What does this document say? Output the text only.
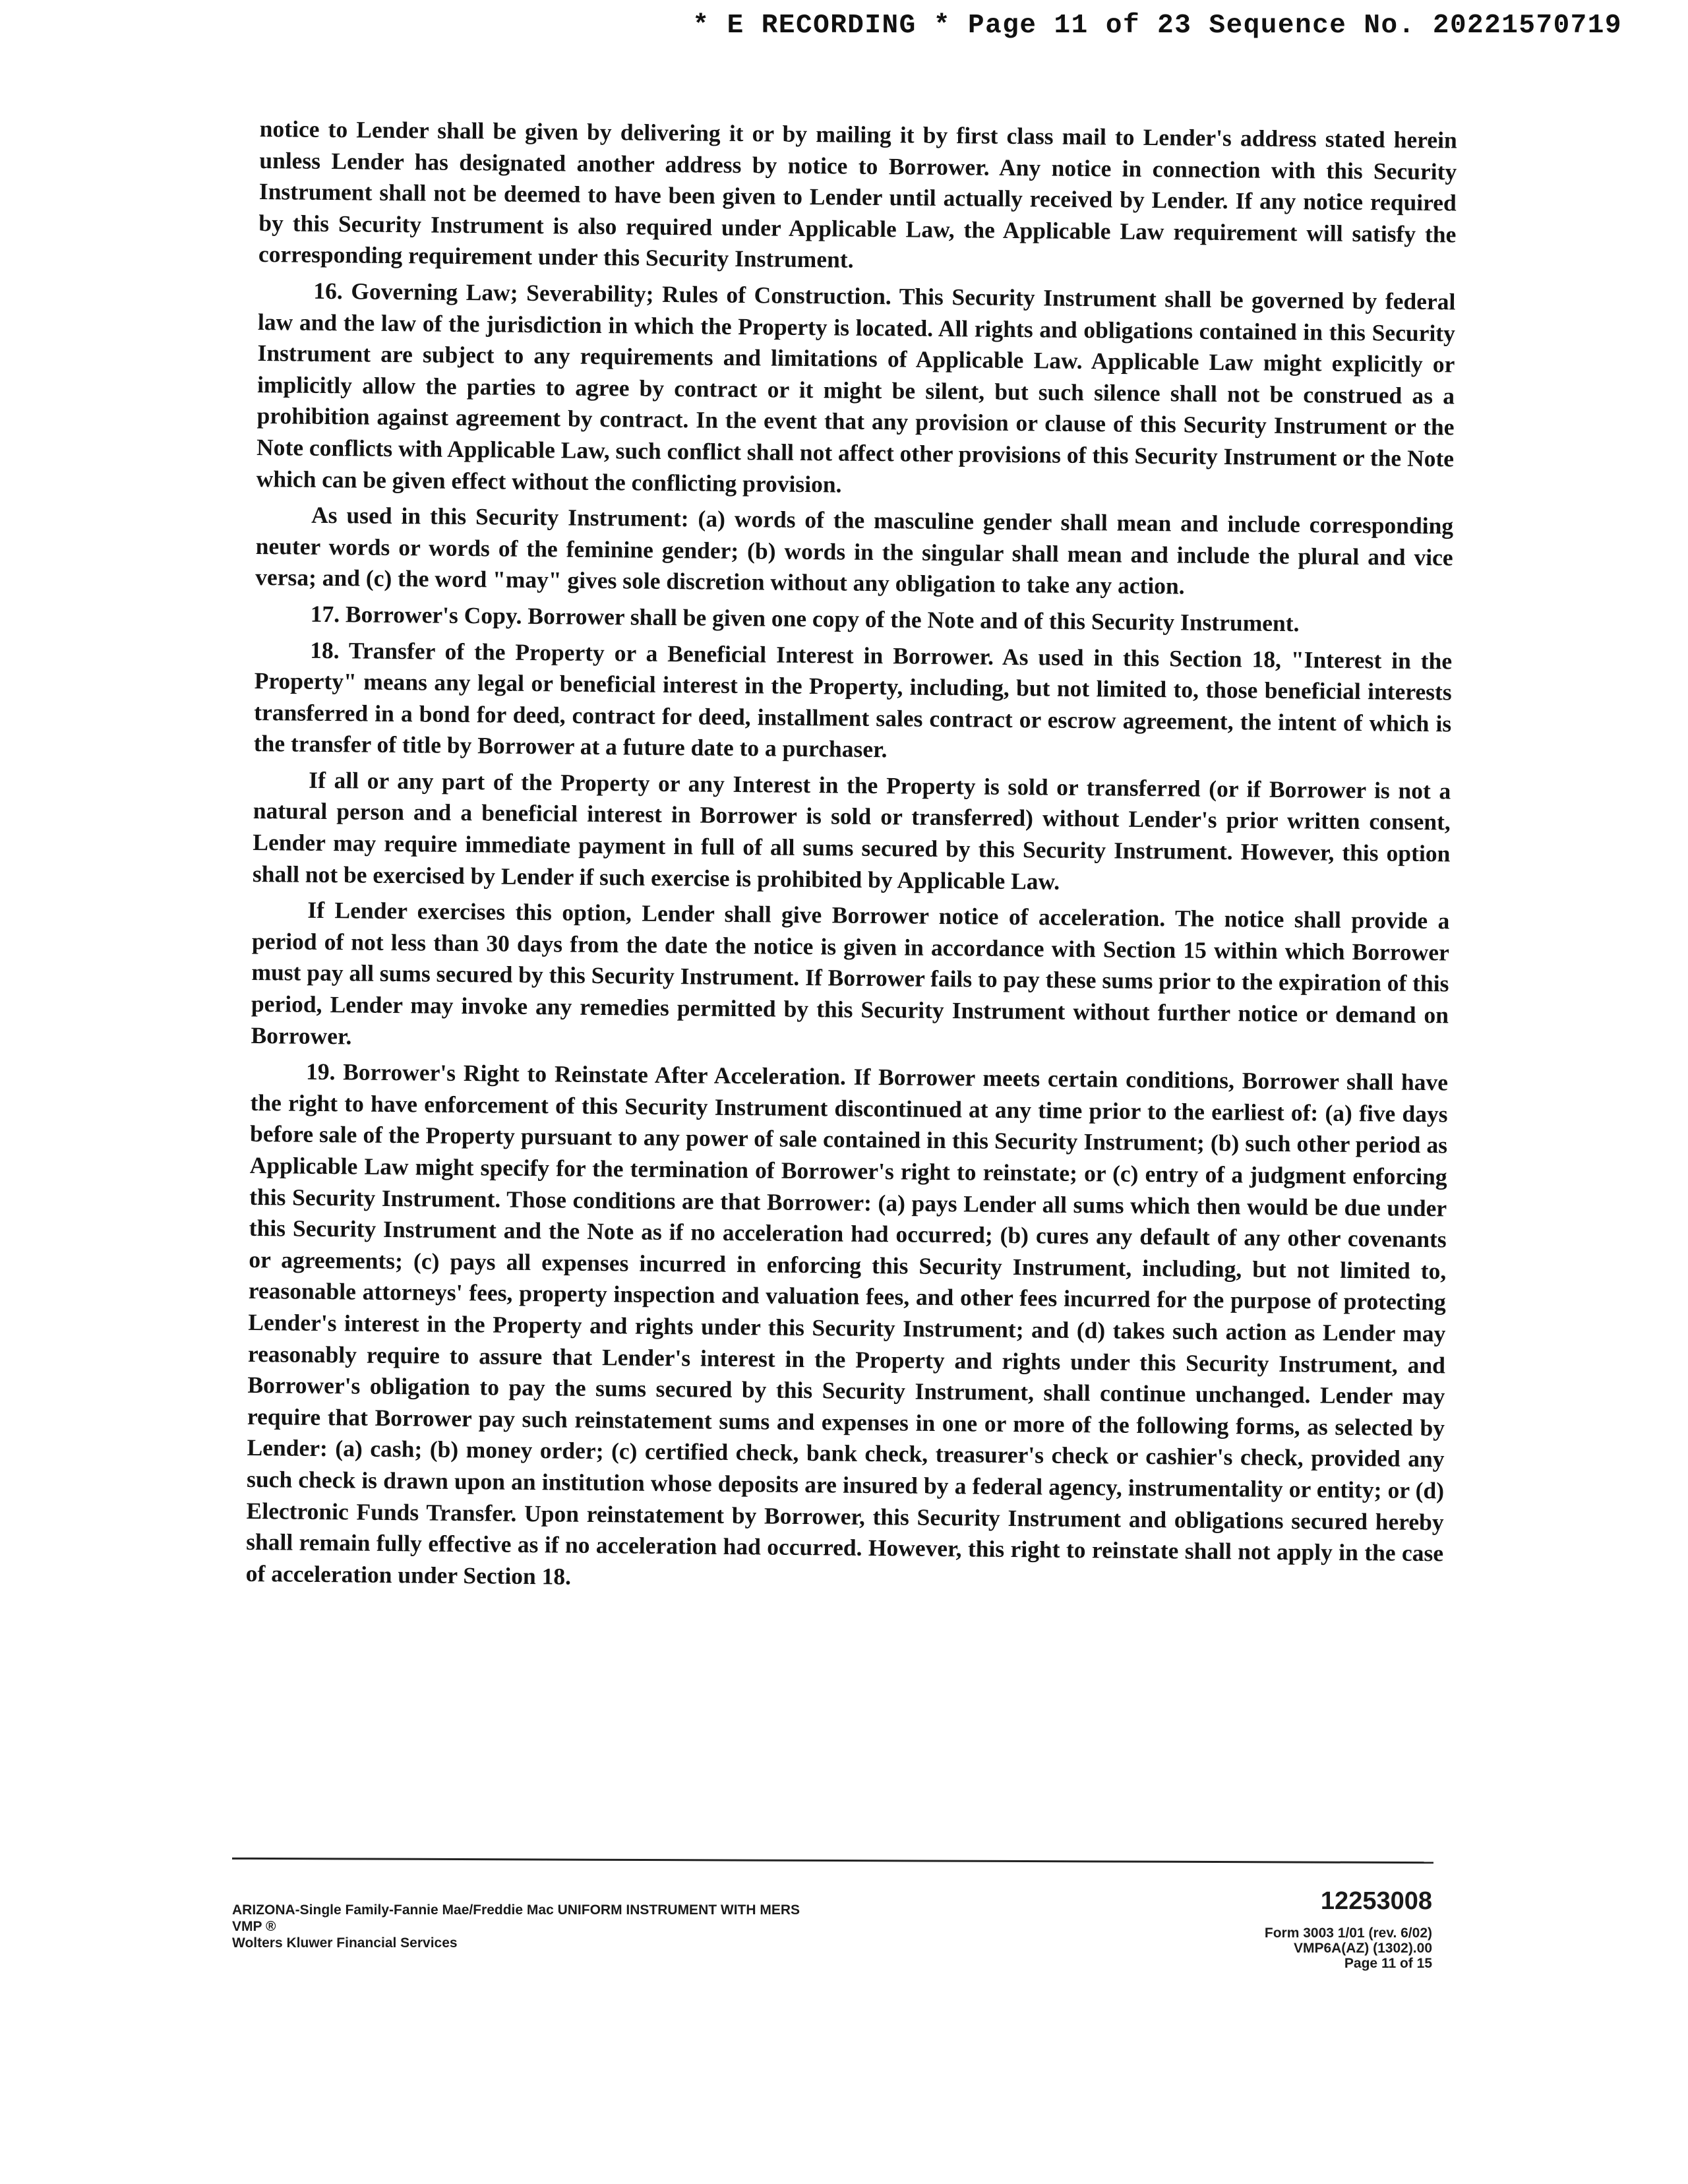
* E RECORDING * Page 11 of 23 Sequence No. 20221570719

notice to Lender shall be given by delivering it or by mailing it by first class mail to Lender's address stated herein unless Lender has designated another address by notice to Borrower. Any notice in connection with this Security Instrument shall not be deemed to have been given to Lender until actually received by Lender. If any notice required by this Security Instrument is also required under Applicable Law, the Applicable Law requirement will satisfy the corresponding requirement under this Security Instrument.

16. Governing Law; Severability; Rules of Construction. This Security Instrument shall be governed by federal law and the law of the jurisdiction in which the Property is located. All rights and obligations contained in this Security Instrument are subject to any requirements and limitations of Applicable Law. Applicable Law might explicitly or implicitly allow the parties to agree by contract or it might be silent, but such silence shall not be construed as a prohibition against agreement by contract. In the event that any provision or clause of this Security Instrument or the Note conflicts with Applicable Law, such conflict shall not affect other provisions of this Security Instrument or the Note which can be given effect without the conflicting provision.

As used in this Security Instrument: (a) words of the masculine gender shall mean and include corresponding neuter words or words of the feminine gender; (b) words in the singular shall mean and include the plural and vice versa; and (c) the word "may" gives sole discretion without any obligation to take any action.

17. Borrower's Copy. Borrower shall be given one copy of the Note and of this Security Instrument.

18. Transfer of the Property or a Beneficial Interest in Borrower. As used in this Section 18, "Interest in the Property" means any legal or beneficial interest in the Property, including, but not limited to, those beneficial interests transferred in a bond for deed, contract for deed, installment sales contract or escrow agreement, the intent of which is the transfer of title by Borrower at a future date to a purchaser.

If all or any part of the Property or any Interest in the Property is sold or transferred (or if Borrower is not a natural person and a beneficial interest in Borrower is sold or transferred) without Lender's prior written consent, Lender may require immediate payment in full of all sums secured by this Security Instrument. However, this option shall not be exercised by Lender if such exercise is prohibited by Applicable Law.

If Lender exercises this option, Lender shall give Borrower notice of acceleration. The notice shall provide a period of not less than 30 days from the date the notice is given in accordance with Section 15 within which Borrower must pay all sums secured by this Security Instrument. If Borrower fails to pay these sums prior to the expiration of this period, Lender may invoke any remedies permitted by this Security Instrument without further notice or demand on Borrower.

19. Borrower's Right to Reinstate After Acceleration. If Borrower meets certain conditions, Borrower shall have the right to have enforcement of this Security Instrument discontinued at any time prior to the earliest of: (a) five days before sale of the Property pursuant to any power of sale contained in this Security Instrument; (b) such other period as Applicable Law might specify for the termination of Borrower's right to reinstate; or (c) entry of a judgment enforcing this Security Instrument. Those conditions are that Borrower: (a) pays Lender all sums which then would be due under this Security Instrument and the Note as if no acceleration had occurred; (b) cures any default of any other covenants or agreements; (c) pays all expenses incurred in enforcing this Security Instrument, including, but not limited to, reasonable attorneys' fees, property inspection and valuation fees, and other fees incurred for the purpose of protecting Lender's interest in the Property and rights under this Security Instrument; and (d) takes such action as Lender may reasonably require to assure that Lender's interest in the Property and rights under this Security Instrument, and Borrower's obligation to pay the sums secured by this Security Instrument, shall continue unchanged. Lender may require that Borrower pay such reinstatement sums and expenses in one or more of the following forms, as selected by Lender: (a) cash; (b) money order; (c) certified check, bank check, treasurer's check or cashier's check, provided any such check is drawn upon an institution whose deposits are insured by a federal agency, instrumentality or entity; or (d) Electronic Funds Transfer. Upon reinstatement by Borrower, this Security Instrument and obligations secured hereby shall remain fully effective as if no acceleration had occurred. However, this right to reinstate shall not apply in the case of acceleration under Section 18.

ARIZONA-Single Family-Fannie Mae/Freddie Mac UNIFORM INSTRUMENT WITH MERS
VMP ®
Wolters Kluwer Financial Services
12253008
Form 3003 1/01 (rev. 6/02)
VMP6A(AZ) (1302).00
Page 11 of 15
